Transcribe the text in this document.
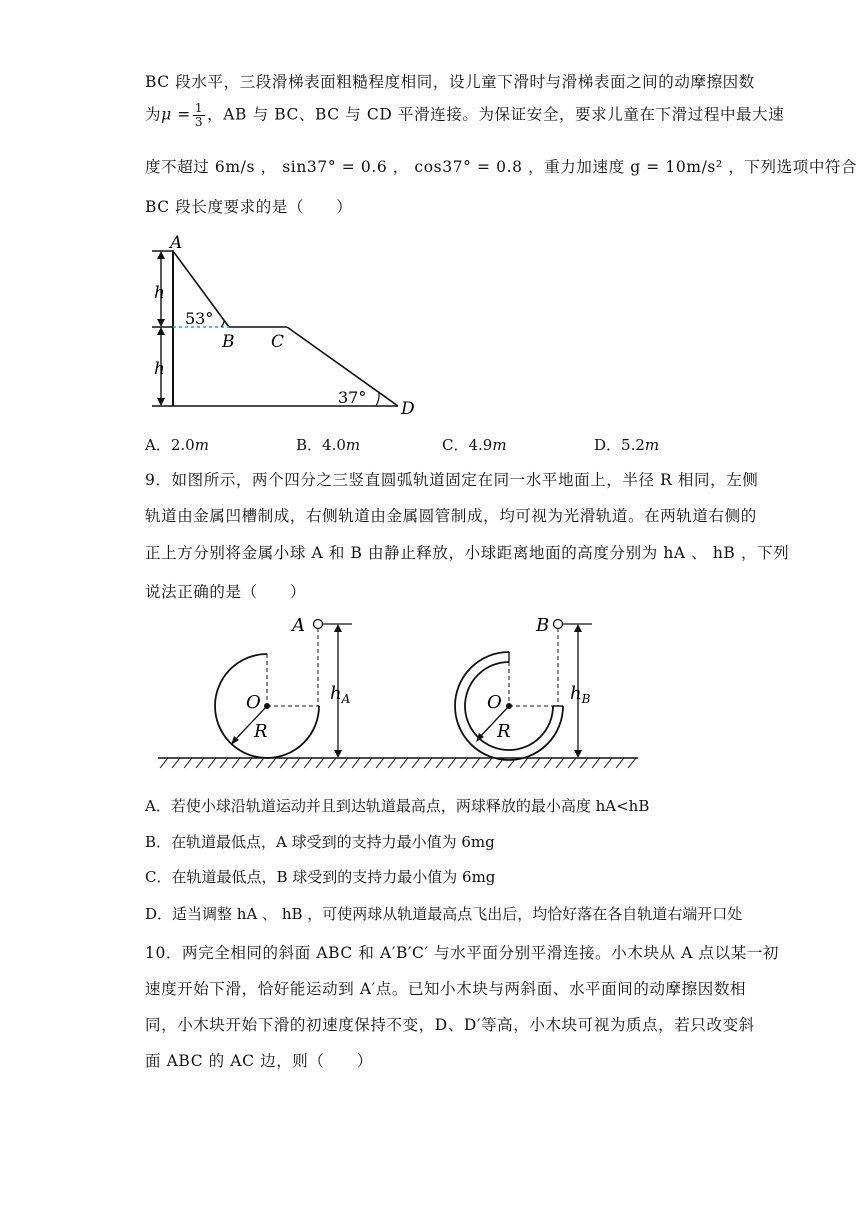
BC 段水平，三段滑梯表面粗糙程度相同，设儿童下滑时与滑梯表面之间的动摩擦因数
为$\mu = \frac{1}{3}$ ，AB 与 BC、BC 与 CD 平滑连接。为保证安全，要求儿童在下滑过程中最大速
度不超过 6m/s ， sin37° = 0.6 ， cos37° = 0.8 ，重力加速度 g = 10m/s² ，下列选项中符合
BC 段长度要求的是（　　）
A
B C
D
h
h
53°
37°
A．2.0m	B．4.0m	C．4.9m	D．5.2m
9．如图所示，两个四分之三竖直圆弧轨道固定在同一水平地面上，半径 R 相同，左侧
轨道由金属凹槽制成，右侧轨道由金属圆管制成，均可视为光滑轨道。在两轨道右侧的
正上方分别将金属小球 A 和 B 由静止释放，小球距离地面的高度分别为 hA 、 hB ，下列
说法正确的是（　　）
A
O
R
$h_A$
B
O
R
$h_B$
A．若使小球沿轨道运动并且到达轨道最高点，两球释放的最小高度 hA<hB
B．在轨道最低点，A 球受到的支持力最小值为 6mg
C．在轨道最低点，B 球受到的支持力最小值为 6mg
D．适当调整 hA 、 hB ，可使两球从轨道最高点飞出后，均恰好落在各自轨道右端开口处
10．两完全相同的斜面 ABC 和 A′B′C′ 与水平面分别平滑连接。小木块从 A 点以某一初
速度开始下滑，恰好能运动到 A′点。已知小木块与两斜面、水平面间的动摩擦因数相
同，小木块开始下滑的初速度保持不变，D、D′等高，小木块可视为质点，若只改变斜
面 ABC 的 AC 边，则（　　）
